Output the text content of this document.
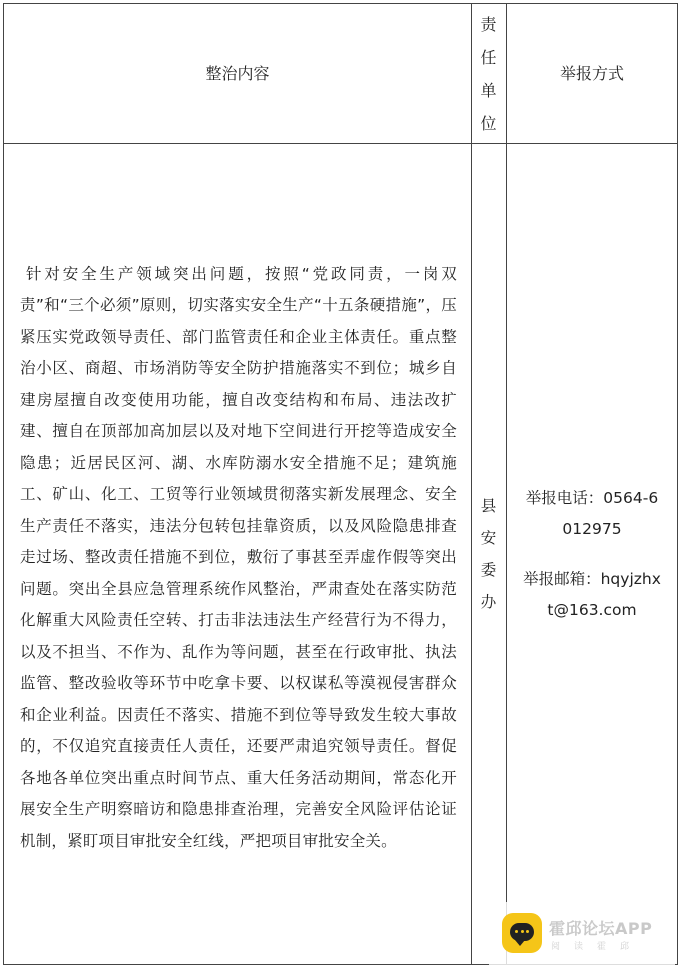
整治内容
责
任
单
位
举报方式
针对安全生产领域突出问题，按照“党政同责，一岗双责”和“三个必须”原则，切实落实安全生产“十五条硬措施”，压紧压实党政领导责任、部门监管责任和企业主体责任。重点整治小区、商超、市场消防等安全防护措施落实不到位；城乡自建房屋擅自改变使用功能，擅自改变结构和布局、违法改扩建、擅自在顶部加高加层以及对地下空间进行开挖等造成安全隐患；近居民区河、湖、水库防溺水安全措施不足；建筑施工、矿山、化工、工贸等行业领域贯彻落实新发展理念、安全生产责任不落实，违法分包转包挂靠资质，以及风险隐患排查走过场、整改责任措施不到位，敷衍了事甚至弄虚作假等突出问题。突出全县应急管理系统作风整治，严肃查处在落实防范化解重大风险责任空转、打击非法违法生产经营行为不得力，以及不担当、不作为、乱作为等问题，甚至在行政审批、执法监管、整改验收等环节中吃拿卡要、以权谋私等漠视侵害群众和企业利益。因责任不落实、措施不到位等导致发生较大事故的，不仅追究直接责任人责任，还要严肃追究领导责任。督促各地各单位突出重点时间节点、重大任务活动期间，常态化开展安全生产明察暗访和隐患排查治理，完善安全风险评估论证机制，紧盯项目审批安全红线，严把项目审批安全关。
县
安
委
办
举报电话：0564-6
012975
举报邮箱：hqyjzhx
t@163.com
霍邱论坛APP
阅读霍邱
